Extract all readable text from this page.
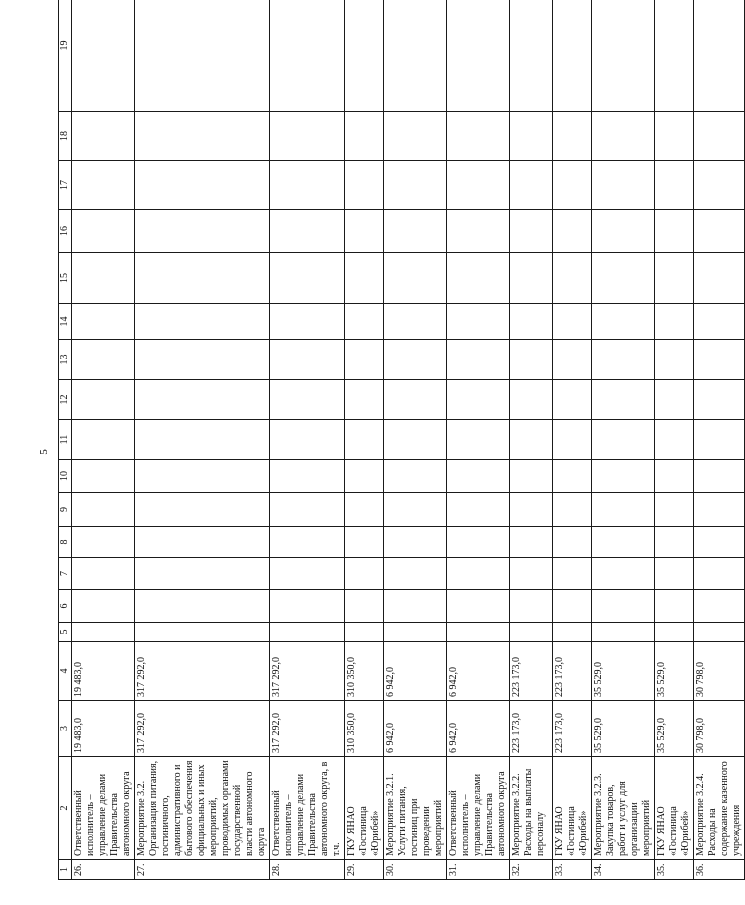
5
1	2	3	4	5	6	7	8	9	10	11	12	13	14	15	16	17	18	19
26.	Ответственный исполнитель – управление делами Правительства автономного округа	19 483,0	19 483,0															
27.	Мероприятие 3.2. Организация питания, гостиничного, административного и бытового обеспечения официальных и иных мероприятий, проводимых органами государственной власти автономного округа	317 292,0	317 292,0															
28.	Ответственный исполнитель – управление делами Правительства автономного округа, в т.ч.	317 292,0	317 292,0															
29.	ГКУ ЯНАО «Гостиница «Юрибей»	310 350,0	310 350,0															
30.	Мероприятие 3.2.1. Услуги питания, гостиниц при проведении мероприятий	6 942,0	6 942,0															
31.	Ответственный исполнитель – управление делами Правительства автономного округа	6 942,0	6 942,0															
32.	Мероприятие 3.2.2. Расходы на выплаты персоналу	223 173,0	223 173,0															
33.	ГКУ ЯНАО «Гостиница «Юрибей»	223 173,0	223 173,0															
34.	Мероприятие 3.2.3. Закупка товаров, работ и услуг для организации мероприятий	35 529,0	35 529,0															
35.	ГКУ ЯНАО «Гостиница «Юрибей»	35 529,0	35 529,0															
36.	Мероприятие 3.2.4. Расходы на содержание казенного учреждения	30 798,0	30 798,0															
